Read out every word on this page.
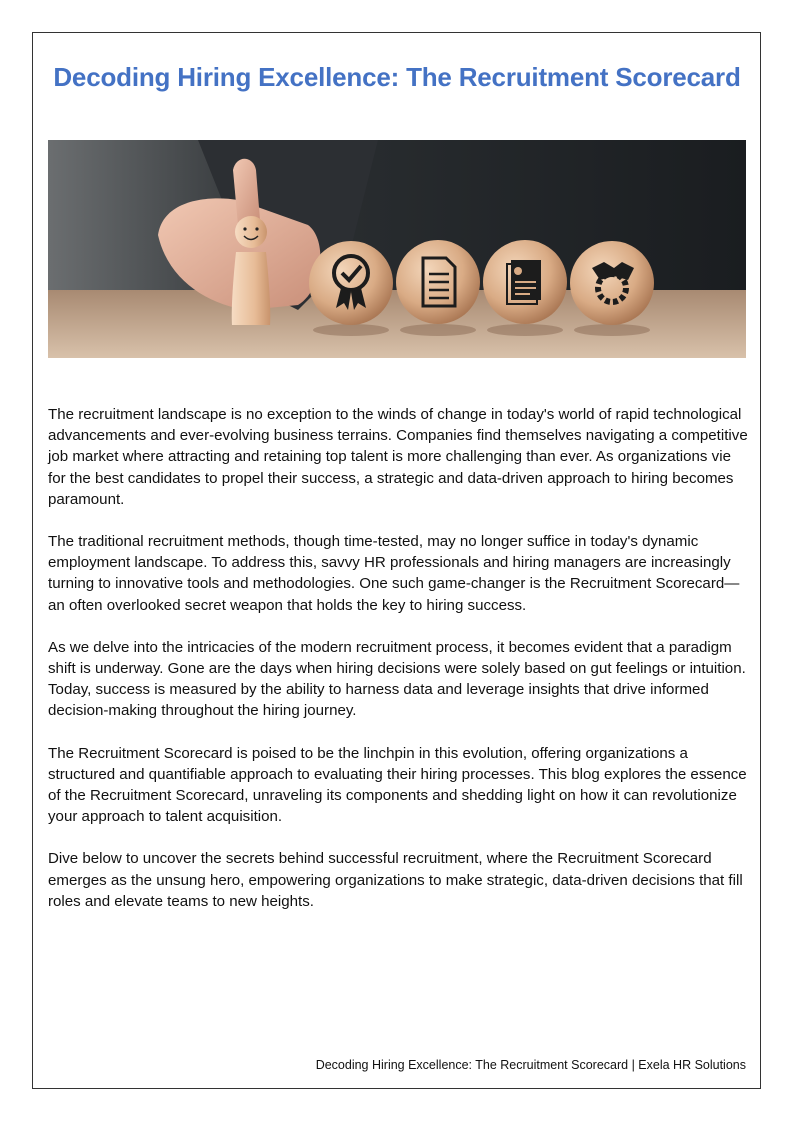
Decoding Hiring Excellence: The Recruitment Scorecard

The recruitment landscape is no exception to the winds of change in today's world of rapid technological advancements and ever-evolving business terrains. Companies find themselves navigating a competitive job market where attracting and retaining top talent is more challenging than ever. As organizations vie for the best candidates to propel their success, a strategic and data-driven approach to hiring becomes paramount.

The traditional recruitment methods, though time-tested, may no longer suffice in today's dynamic employment landscape. To address this, savvy HR professionals and hiring managers are increasingly turning to innovative tools and methodologies. One such game-changer is the Recruitment Scorecard—an often overlooked secret weapon that holds the key to hiring success.

As we delve into the intricacies of the modern recruitment process, it becomes evident that a paradigm shift is underway. Gone are the days when hiring decisions were solely based on gut feelings or intuition. Today, success is measured by the ability to harness data and leverage insights that drive informed decision-making throughout the hiring journey.

The Recruitment Scorecard is poised to be the linchpin in this evolution, offering organizations a structured and quantifiable approach to evaluating their hiring processes. This blog explores the essence of the Recruitment Scorecard, unraveling its components and shedding light on how it can revolutionize your approach to talent acquisition.

Dive below to uncover the secrets behind successful recruitment, where the Recruitment Scorecard emerges as the unsung hero, empowering organizations to make strategic, data-driven decisions that fill roles and elevate teams to new heights.

Decoding Hiring Excellence: The Recruitment Scorecard | Exela HR Solutions
